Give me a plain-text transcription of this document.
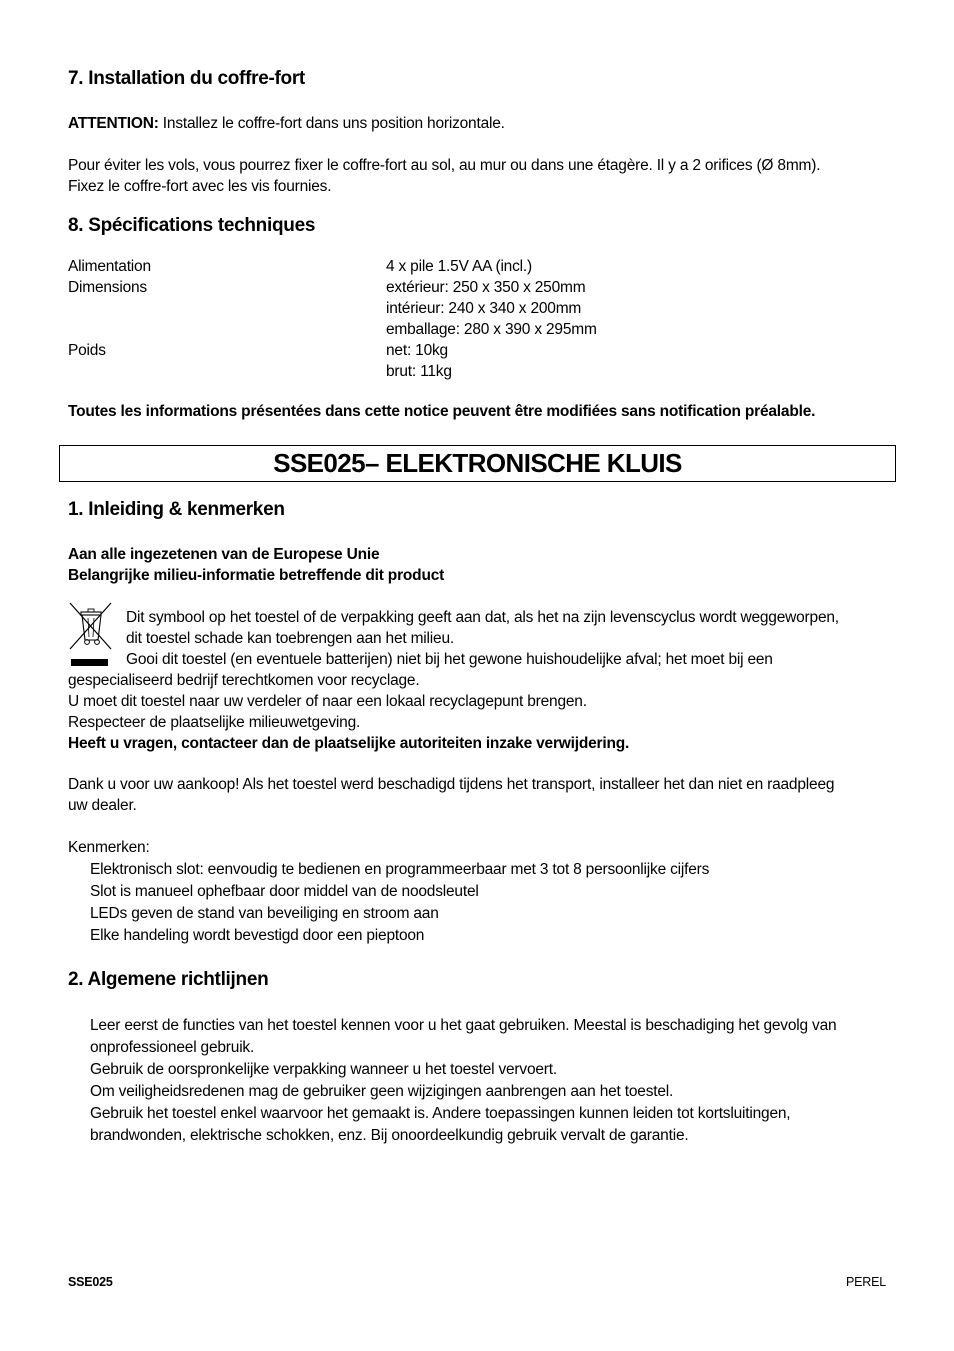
7. Installation du coffre-fort

ATTENTION: Installez le coffre-fort dans uns position horizontale.

Pour éviter les vols, vous pourrez fixer le coffre-fort au sol, au mur ou dans une étagère. Il y a 2 orifices (Ø 8mm).

Fixez le coffre-fort avec les vis fournies.

8. Spécifications techniques
Alimentation	4 x pile 1.5V AA (incl.)
Dimensions	extérieur: 250 x 350 x 250mm
intérieur: 240 x 340 x 200mm
emballage: 280 x 390 x 295mm
Poids	net: 10kg
brut: 11kg

Toutes les informations présentées dans cette notice peuvent être modifiées sans notification préalable.

SSE025– ELEKTRONISCHE KLUIS
1. Inleiding & kenmerken

Aan alle ingezetenen van de Europese Unie

Belangrijke milieu-informatie betreffende dit product

Dit symbool op het toestel of de verpakking geeft aan dat, als het na zijn levenscyclus wordt weggeworpen,

dit toestel schade kan toebrengen aan het milieu.

Gooi dit toestel (en eventuele batterijen) niet bij het gewone huishoudelijke afval; het moet bij een

gespecialiseerd bedrijf terechtkomen voor recyclage.

U moet dit toestel naar uw verdeler of naar een lokaal recyclagepunt brengen.

Respecteer de plaatselijke milieuwetgeving.

Heeft u vragen, contacteer dan de plaatselijke autoriteiten inzake verwijdering.

Dank u voor uw aankoop! Als het toestel werd beschadigd tijdens het transport, installeer het dan niet en raadpleeg

uw dealer.

Kenmerken:

Elektronisch slot: eenvoudig te bedienen en programmeerbaar met 3 tot 8 persoonlijke cijfers
Slot is manueel ophefbaar door middel van de noodsleutel
LEDs geven de stand van beveiliging en stroom aan
Elke handeling wordt bevestigd door een pieptoon
2. Algemene richtlijnen
Leer eerst de functies van het toestel kennen voor u het gaat gebruiken. Meestal is beschadiging het gevolg van
onprofessioneel gebruik.
Gebruik de oorspronkelijke verpakking wanneer u het toestel vervoert.
Om veiligheidsredenen mag de gebruiker geen wijzigingen aanbrengen aan het toestel.
Gebruik het toestel enkel waarvoor het gemaakt is. Andere toepassingen kunnen leiden tot kortsluitingen,
brandwonden, elektrische schokken, enz. Bij onoordeelkundig gebruik vervalt de garantie.
SSE025	PEREL
